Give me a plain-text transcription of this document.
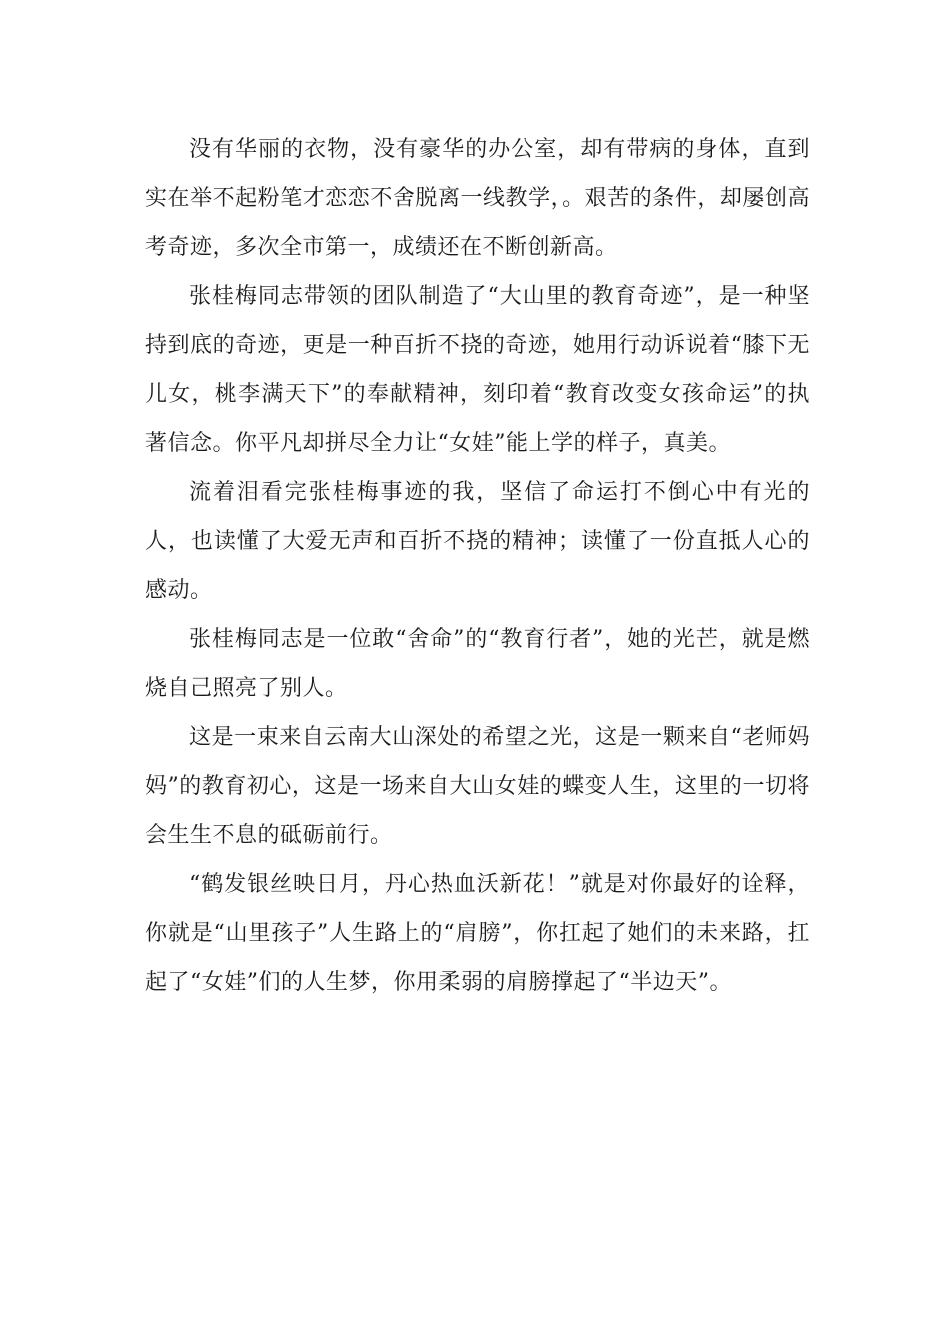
没有华丽的衣物，没有豪华的办公室，却有带病的身体，直到实在举不起粉笔才恋恋不舍脱离一线教学，。艰苦的条件，却屡创高考奇迹，多次全市第一，成绩还在不断创新高。

张桂梅同志带领的团队制造了“大山里的教育奇迹”，是一种坚持到底的奇迹，更是一种百折不挠的奇迹，她用行动诉说着“膝下无儿女，桃李满天下”的奉献精神，刻印着“教育改变女孩命运”的执著信念。你平凡却拼尽全力让“女娃”能上学的样子，真美。

流着泪看完张桂梅事迹的我，坚信了命运打不倒心中有光的人，也读懂了大爱无声和百折不挠的精神；读懂了一份直抵人心的感动。

张桂梅同志是一位敢“舍命”的“教育行者”，她的光芒，就是燃烧自己照亮了别人。

这是一束来自云南大山深处的希望之光，这是一颗来自“老师妈妈”的教育初心，这是一场来自大山女娃的蝶变人生，这里的一切将会生生不息的砥砺前行。

“鹤发银丝映日月，丹心热血沃新花！”就是对你最好的诠释，你就是“山里孩子”人生路上的“肩膀”，你扛起了她们的未来路，扛起了“女娃”们的人生梦，你用柔弱的肩膀撑起了“半边天”。
